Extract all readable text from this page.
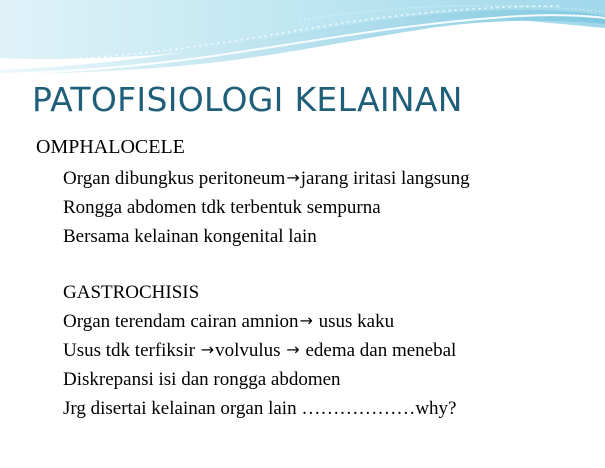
PATOFISIOLOGI KELAINAN
OMPHALOCELE
Organ dibungkus peritoneum→jarang iritasi langsung
Rongga abdomen tdk terbentuk sempurna
Bersama kelainan kongenital lain
GASTROCHISIS
Organ terendam cairan amnion→ usus kaku
Usus tdk terfiksir →volvulus → edema dan menebal
Diskrepansi isi dan rongga abdomen
Jrg disertai kelainan organ lain ………………why?
